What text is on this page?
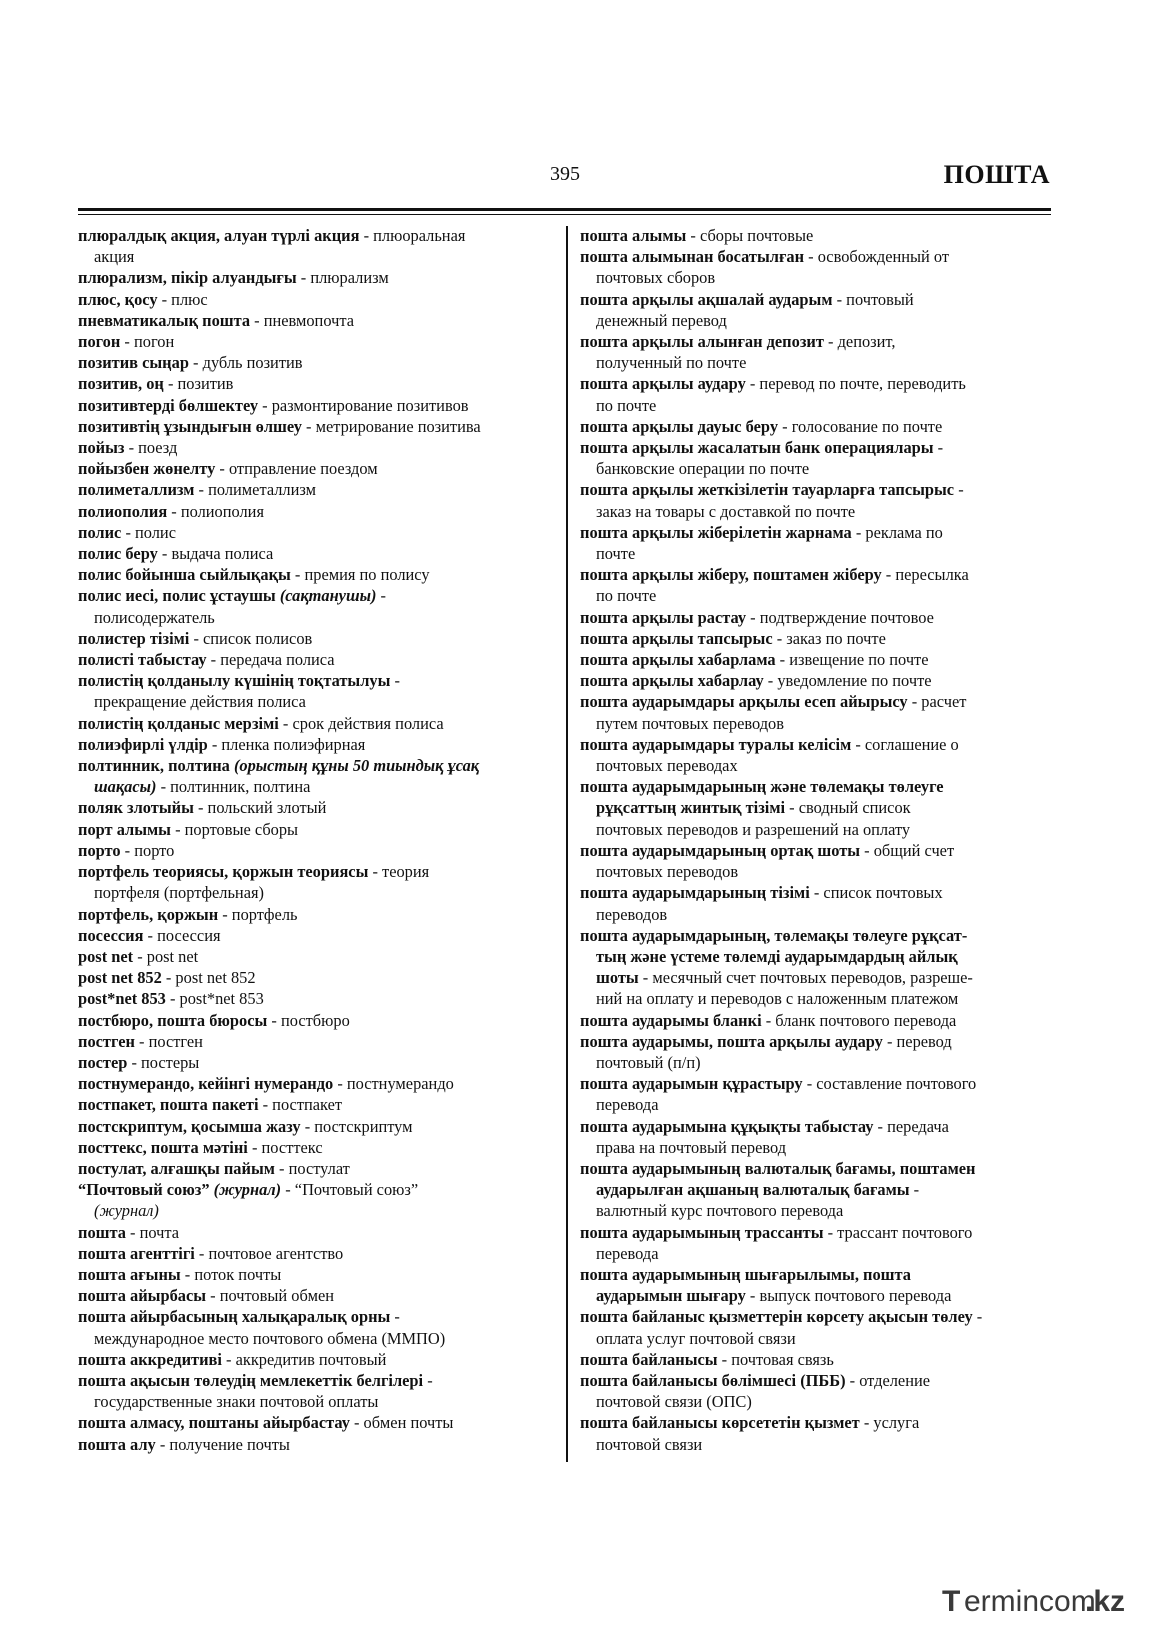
395	ПОШТА

плюралдық акция, алуан түрлі акция - плюоральная
акция

плюрализм, пікір алуандығы - плюрализм

плюс, қосу - плюс

пневматикалық пошта - пневмопочта

погон - погон

позитив сыңар - дубль позитив

позитив, оң - позитив

позитивтерді бөлшектеу - размонтирование позитивов

позитивтің ұзындығын өлшеу - метрирование позитива

пойыз - поезд

пойызбен жөнелту - отправление поездом

полиметаллизм - полиметаллизм

полиополия - полиополия

полис - полис

полис беру - выдача полиса

полис бойынша сыйлықақы - премия по полису

полис иесі, полис ұстаушы (сақтанушы) -
полисодержатель

полистер тізімі - список полисов

полисті табыстау - передача полиса

полистің қолданылу күшінің тоқтатылуы -
прекращение действия полиса

полистің қолданыс мерзімі - срок действия полиса

полиэфирлі үлдір - пленка полиэфирная

полтинник, полтина (орыстың құны 50 тиындық ұсақ
шақасы) - полтинник, полтина

поляк злотыйы - польский злотый

порт алымы - портовые сборы

порто - порто

портфель теориясы, қоржын теориясы - теория
портфеля (портфельная)

портфель, қоржын - портфель

посессия - посессия

post net - post net

post net 852 - post net 852

post*net 853 - post*net 853

постбюро, пошта бюросы - постбюро

постген - постген

постер - постеры

постнумерандо, кейінгі нумерандо - постнумерандо

постпакет, пошта пакеті - постпакет

постскриптум, қосымша жазу - постскриптум

посттекс, пошта мәтіні - посттекс

постулат, алғашқы пайым - постулат

“Почтовый союз” (журнал) - “Почтовый союз”
(журнал)

пошта - почта

пошта агенттігі - почтовое агентство

пошта ағыны - поток почты

пошта айырбасы - почтовый обмен

пошта айырбасының халықаралық орны -
международное место почтового обмена (ММПО)

пошта аккредитиві - аккредитив почтовый

пошта ақысын төлеудің мемлекеттік белгілері -
государственные знаки почтовой оплаты

пошта алмасу, поштаны айырбастау - обмен почты

пошта алу - получение почты

пошта алымы - сборы почтовые

пошта алымынан босатылған - освобожденный от
почтовых сборов

пошта арқылы ақшалай аударым - почтовый
денежный перевод

пошта арқылы алынған депозит - депозит,
полученный по почте

пошта арқылы аудару - перевод по почте, переводить
по почте

пошта арқылы дауыс беру - голосование по почте

пошта арқылы жасалатын банк операциялары -
банковские операции по почте

пошта арқылы жеткізілетін тауарларға тапсырыс -
заказ на товары с доставкой по почте

пошта арқылы жіберілетін жарнама - реклама по
почте

пошта арқылы жіберу, поштамен жіберу - пересылка
по почте

пошта арқылы растау - подтверждение почтовое

пошта арқылы тапсырыс - заказ по почте

пошта арқылы хабарлама - извещение по почте

пошта арқылы хабарлау - уведомление по почте

пошта аударымдары арқылы есеп айырысу - расчет
путем почтовых переводов

пошта аударымдары туралы келісім - соглашение о
почтовых переводах

пошта аударымдарының және төлемақы төлеуге
рұқсаттың жинтық тізімі - сводный список
почтовых переводов и разрешений на оплату

пошта аударымдарының ортақ шоты - общий счет
почтовых переводов

пошта аударымдарының тізімі - список почтовых
переводов

пошта аударымдарының, төлемақы төлеуге рұқсат-
тың және үстеме төлемді аударымдардың айлық
шоты - месячный счет почтовых переводов, разреше-
ний на оплату и переводов с наложенным платежом

пошта аударымы бланкі - бланк почтового перевода

пошта аударымы, пошта арқылы аудару - перевод
почтовый (п/п)

пошта аударымын құрастыру - составление почтового
перевода

пошта аударымына құқықты табыстау - передача
права на почтовый перевод

пошта аударымының валюталық бағамы, поштамен
аударылған ақшаның валюталық бағамы -
валютный курс почтового перевода

пошта аударымының трассанты - трассант почтового
перевода

пошта аударымының шығарылымы, пошта
аударымын шығару - выпуск почтового перевода

пошта байланыс қызметтерін көрсету ақысын төлеу -
оплата услуг почтовой связи

пошта байланысы - почтовая связь

пошта байланысы бөлімшесі (ПББ) - отделение
почтовой связи (ОПС)

пошта байланысы көрсететін қызмет - услуга
почтовой связи

T ermincom
.kz
